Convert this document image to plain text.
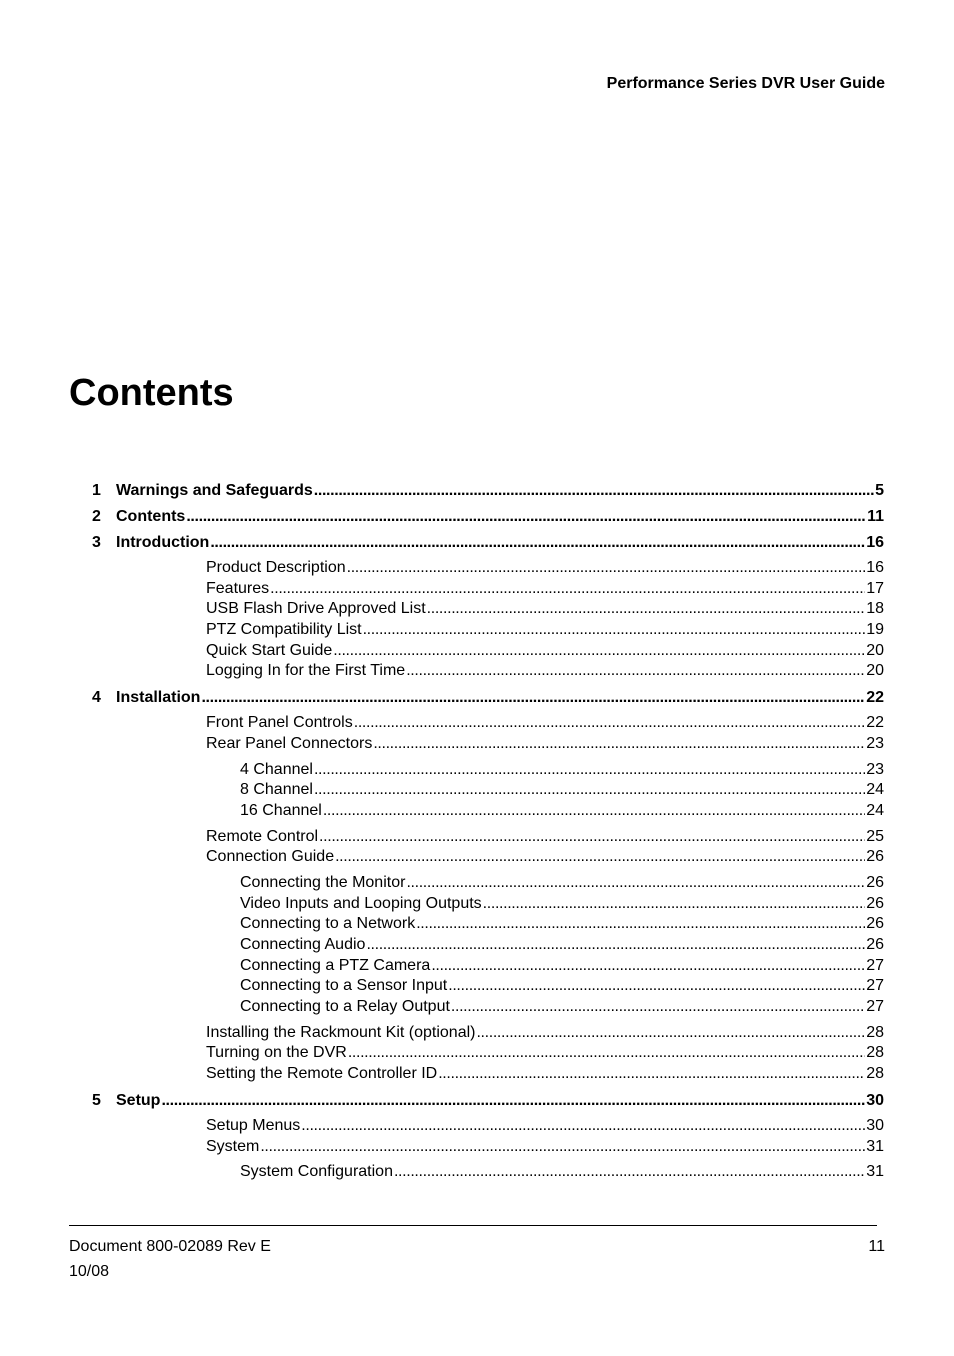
Performance Series DVR User Guide
Contents
1 Warnings and Safeguards . . .	5
2 Contents . . .	11
3 Introduction . . .	16
Product Description . . .	16
Features . . .	17
USB Flash Drive Approved List . . .	18
PTZ Compatibility List . . .	19
Quick Start Guide . . .	20
Logging In for the First Time . . .	20
4 Installation . . .	22
Front Panel Controls . . .	22
Rear Panel Connectors . . .	23
4 Channel . . .	23
8 Channel . . .	24
16 Channel . . .	24
Remote Control . . .	25
Connection Guide . . .	26
Connecting the Monitor . . .	26
Video Inputs and Looping Outputs . . .	26
Connecting to a Network . . .	26
Connecting Audio . . .	26
Connecting a PTZ Camera . . .	27
Connecting to a Sensor Input . . .	27
Connecting to a Relay Output . . .	27
Installing the Rackmount Kit (optional) . . .	28
Turning on the DVR . . .	28
Setting the Remote Controller ID . . .	28
5 Setup . . .	30
Setup Menus . . .	30
System . . .	31
System Configuration . . .	31
Document 800-02089 Rev E
10/08
11
